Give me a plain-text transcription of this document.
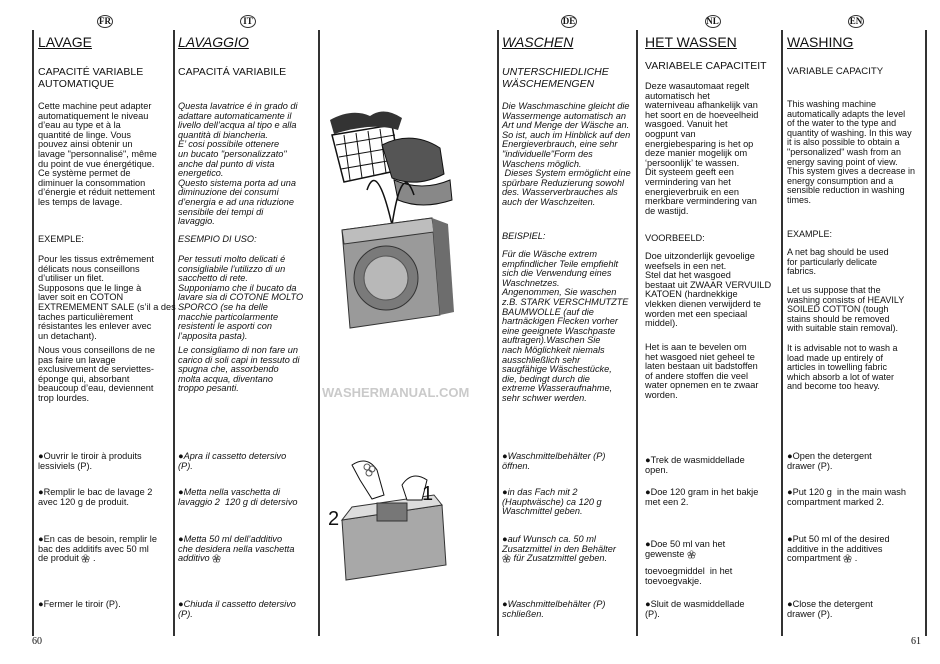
FR
LAVAGE
CAPACITÉ VARIABLE
AUTOMATIQUE
Cette machine peut adapter
automatiquement le niveau
d’eau au type et à la
quantité de linge. Vous
pouvez ainsi obtenir un
lavage "personnalisé", même
du point de vue énergétique.
Ce système permet de
diminuer la consommation
d’énergie et réduit nettement
les temps de lavage.
EXEMPLE:
Pour les tissus extrêmement
délicats nous conseillons
d’utiliser un filet.
Supposons que le linge à
laver soit en COTON
EXTREMEMENT SALE (s’il a des
taches particulièrement
résistantes les enlever avec
un detachant).
Nous vous conseillons de ne
pas faire un lavage
exclusivement de serviettes-
éponge qui, absorbant
beaucoup d’eau, deviennent
trop lourdes.
●Ouvrir le tiroir à produits
lessiviels (P).
●Remplir le bac de lavage 2
avec 120 g de produit.
●En cas de besoin, remplir le
bac des additifs avec 50 ml
de produit  .
●Fermer le tiroir (P).
IT
LAVAGGIO
CAPACITÁ VARIABILE
Questa lavatrice é in grado di
adattare automaticamente il
livello dell’acqua al tipo e alla
quantità di biancheria.
E’ cosi possibile ottenere
un bucato "personalizzato"
anche dal punto di vista
energetico.
Questo sistema porta ad una
diminuzione dei consumi
d’energia e ad una riduzione
sensibile dei tempi di
lavaggio.
ESEMPIO DI USO:
Per tessuti molto delicati é
consigliabile l’utilizzo di un
sacchetto di rete.
Supponiamo che il bucato da
lavare sia di COTONE MOLTO
SPORCO (se ha delle
macchie particolarmente
resistenti le asporti con
l’apposita pasta).
Le consigliamo di non fare un
carico di soli capi in tessuto di
spugna che, assorbendo
molta acqua, diventano
troppo pesanti.
●Apra il cassetto detersivo
(P).
●Metta nella vaschetta di
lavaggio 2  120 g di detersivo
●Metta 50 ml dell’additivo
che desidera nella vaschetta
additivo
●Chiuda il cassetto detersivo
(P).
DE
WASCHEN
UNTERSCHIEDLICHE
WÄSCHEMENGEN
Die Waschmaschine gleicht die
Wassermenge automatisch an
Art und Menge der Wäsche an.
So ist, auch im Hinblick auf den
Energieverbrauch, eine sehr
"individuelle"Form des
Waschens möglich.
Dieses System ermöglicht eine
spürbare Reduzierung sowohl
des. Wasserverbrauches als
auch der Waschzeiten.
BEISPIEL:
Für die Wäsche extrem
empfindlicher Teile empfiehlt
sich die Verwendung eines
Waschnetzes.
Angenommen, Sie waschen
z.B. STARK VERSCHMUTZTE
BAUMWOLLE (auf die
hartnäckigen Flecken vorher
eine geeignete Waschpaste
auftragen).Waschen Sie
nach Möglichkeit niemals
ausschließlich sehr
saugfähige Wäschestücke,
die, bedingt durch die
extreme Wasseraufnahme,
sehr schwer werden.
●Waschmittelbehälter (P)
öffnen.
●in das Fach mit 2
(Hauptwäsche) ca 120 g
Waschmittel geben.
●auf Wunsch ca. 50 ml
Zusatzmittel in den Behälter
für Zusatzmittel geben.
●Waschmittelbehälter (P)
schließen.
NL
HET WASSEN
VARIABELE CAPACITEIT
Deze wasautomaat regelt
automatisch het
waterniveau afhankelijk van
het soort en de hoeveelheid
wasgoed. Vanuit het
oogpunt van
energiebesparing is het op
deze manier mogelijk om
‘persoonlijk’ te wassen.
Dit systeem geeft een
vermindering van het
energieverbruik en een
merkbare vermindering van
de wastijd.
VOORBEELD:
Doe uitzonderlijk gevoelige
weefsels in een net.
Stel dat het wasgoed
bestaat uit ZWAAR VERVUILD
KATOEN (hardnekkige
vlekken dienen verwijderd te
worden met een speciaal
middel).
Het is aan te bevelen om
het wasgoed niet geheel te
laten bestaan uit badstoffen
of andere stoffen die veel
water opnemen en te zwaar
worden.
●Trek de wasmiddellade
open.
●Doe 120 gram in het bakje
met een 2.
●Doe 50 ml van het
gewenste
●Sluit de wasmiddellade
(P).
toevoegmiddel  in het
toevoegvakje.
EN
WASHING
VARIABLE CAPACITY
This washing machine
automatically adapts the level
of the water to the type and
quantity of washing. In this way
it is also possible to obtain a
"personalized" wash from an
energy saving point of view.
This system gives a decrease in
energy consumption and a
sensible reduction in washing
times.
EXAMPLE:
A net bag should be used
for particularly delicate
fabrics.
Let us suppose that the
washing consists of HEAVILY
SOILED COTTON (tough
stains should be removed
with suitable stain removal).
It is advisable not to wash a
load made up entirely of
articles in towelling fabric
which absorb a lot of water
and become too heavy.
●Open the detergent
drawer (P).
●Put 120 g  in the main wash
compartment marked 2.
●Put 50 ml of the desired
additive in the additives
compartment  .
●Close the detergent
drawer (P).
1
2
WASHERMANUAL.COM
60	61
